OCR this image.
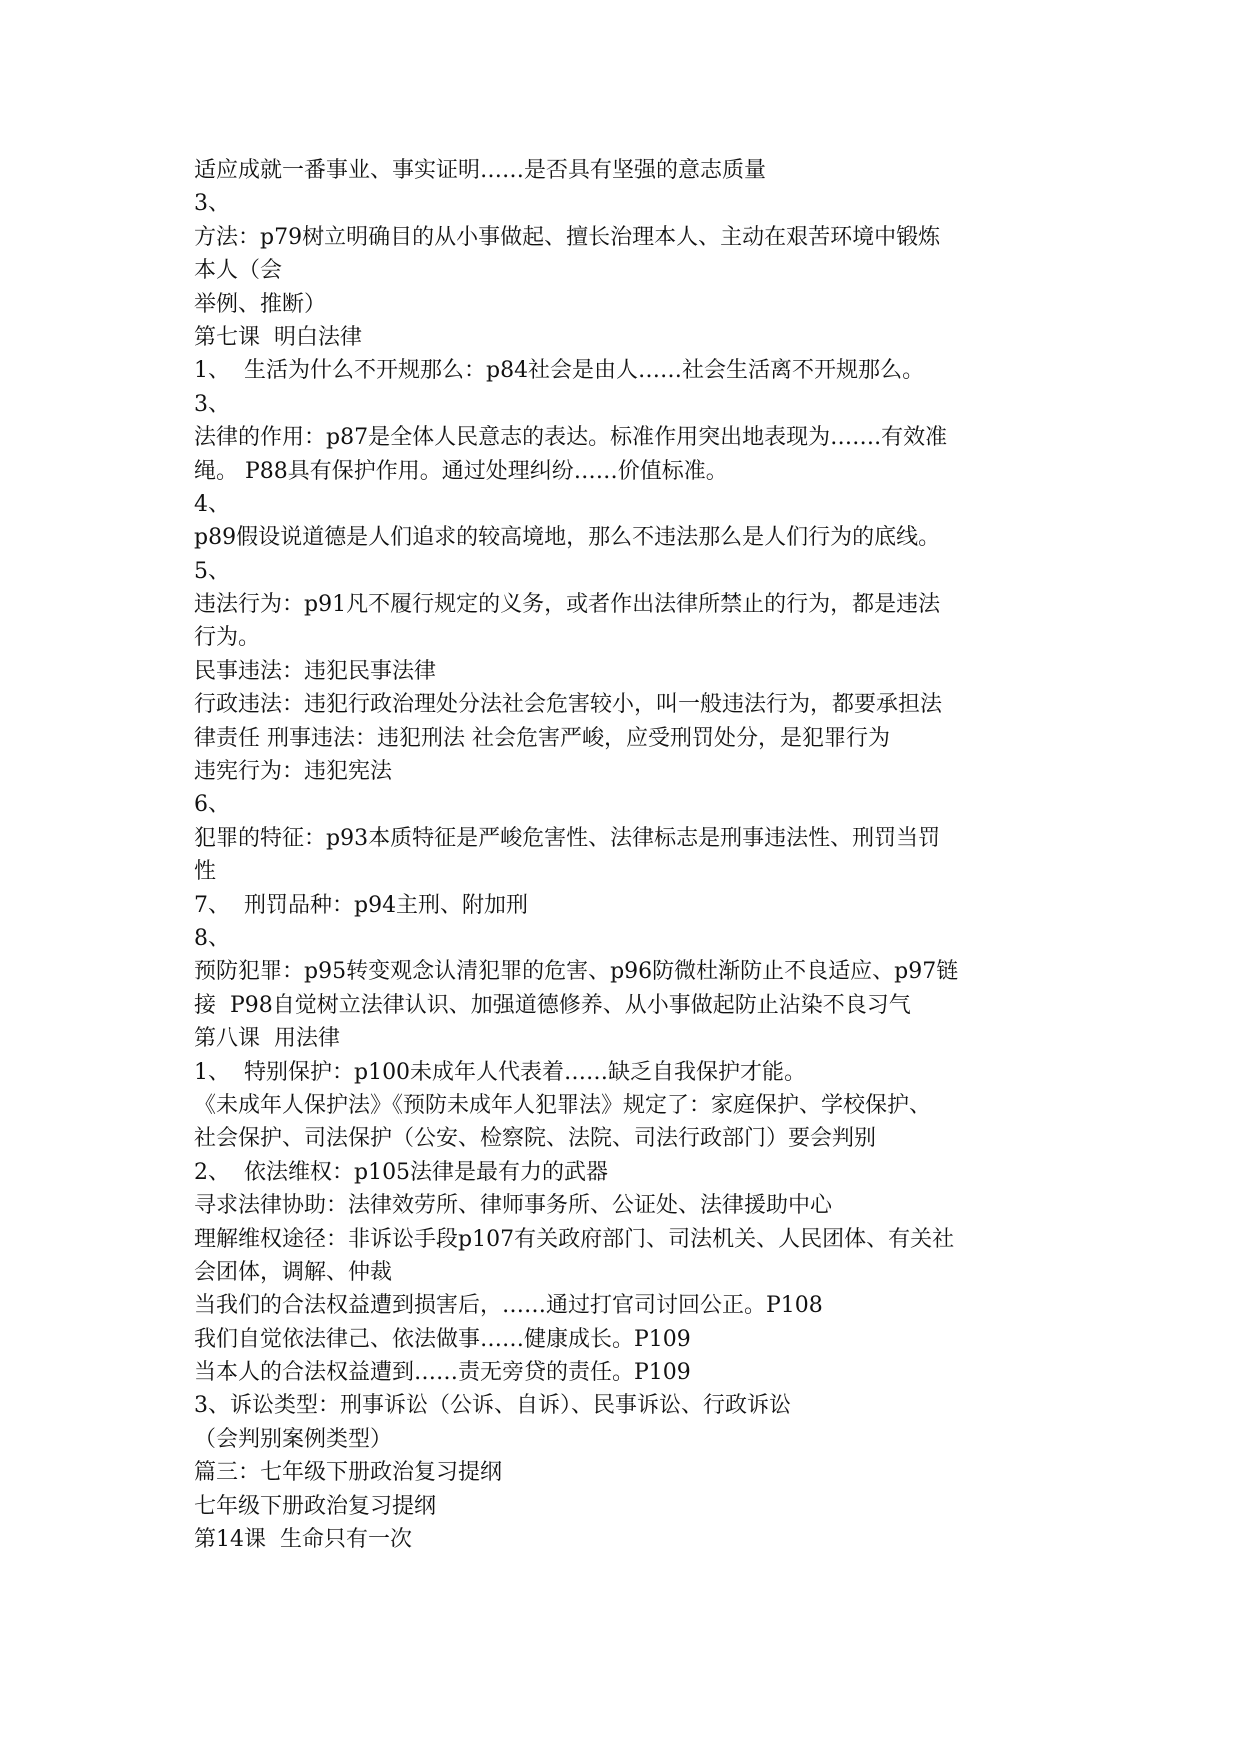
适应成就一番事业、事实证明……是否具有坚强的意志质量
3、
方法：p79树立明确目的从小事做起、擅长治理本人、主动在艰苦环境中锻炼
本人（会
举例、推断）
第七课  明白法律
1、  生活为什么不开规那么：p84社会是由人……社会生活离不开规那么。
3、
法律的作用：p87是全体人民意志的表达。标准作用突出地表现为…….有效准
绳。 P88具有保护作用。通过处理纠纷……价值标准。
4、
p89假设说道德是人们追求的较高境地，那么不违法那么是人们行为的底线。
5、
违法行为：p91凡不履行规定的义务，或者作出法律所禁止的行为，都是违法
行为。
民事违法：违犯民事法律
行政违法：违犯行政治理处分法社会危害较小，叫一般违法行为，都要承担法
律责任 刑事违法：违犯刑法 社会危害严峻，应受刑罚处分，是犯罪行为
违宪行为：违犯宪法
6、
犯罪的特征：p93本质特征是严峻危害性、法律标志是刑事违法性、刑罚当罚
性
7、  刑罚品种：p94主刑、附加刑
8、
预防犯罪：p95转变观念认清犯罪的危害、p96防微杜渐防止不良适应、p97链
接  P98自觉树立法律认识、加强道德修养、从小事做起防止沾染不良习气
第八课  用法律
1、  特别保护：p100未成年人代表着……缺乏自我保护才能。
《未成年人保护法》《预防未成年人犯罪法》规定了：家庭保护、学校保护、
社会保护、司法保护（公安、检察院、法院、司法行政部门）要会判别
2、  依法维权：p105法律是最有力的武器
寻求法律协助：法律效劳所、律师事务所、公证处、法律援助中心
理解维权途径：非诉讼手段p107有关政府部门、司法机关、人民团体、有关社
会团体，调解、仲裁
当我们的合法权益遭到损害后，……通过打官司讨回公正。P108
我们自觉依法律己、依法做事……健康成长。P109
当本人的合法权益遭到……责无旁贷的责任。P109
3、诉讼类型：刑事诉讼（公诉、自诉）、民事诉讼、行政诉讼
（会判别案例类型）
篇三：七年级下册政治复习提纲
七年级下册政治复习提纲
第14课  生命只有一次
